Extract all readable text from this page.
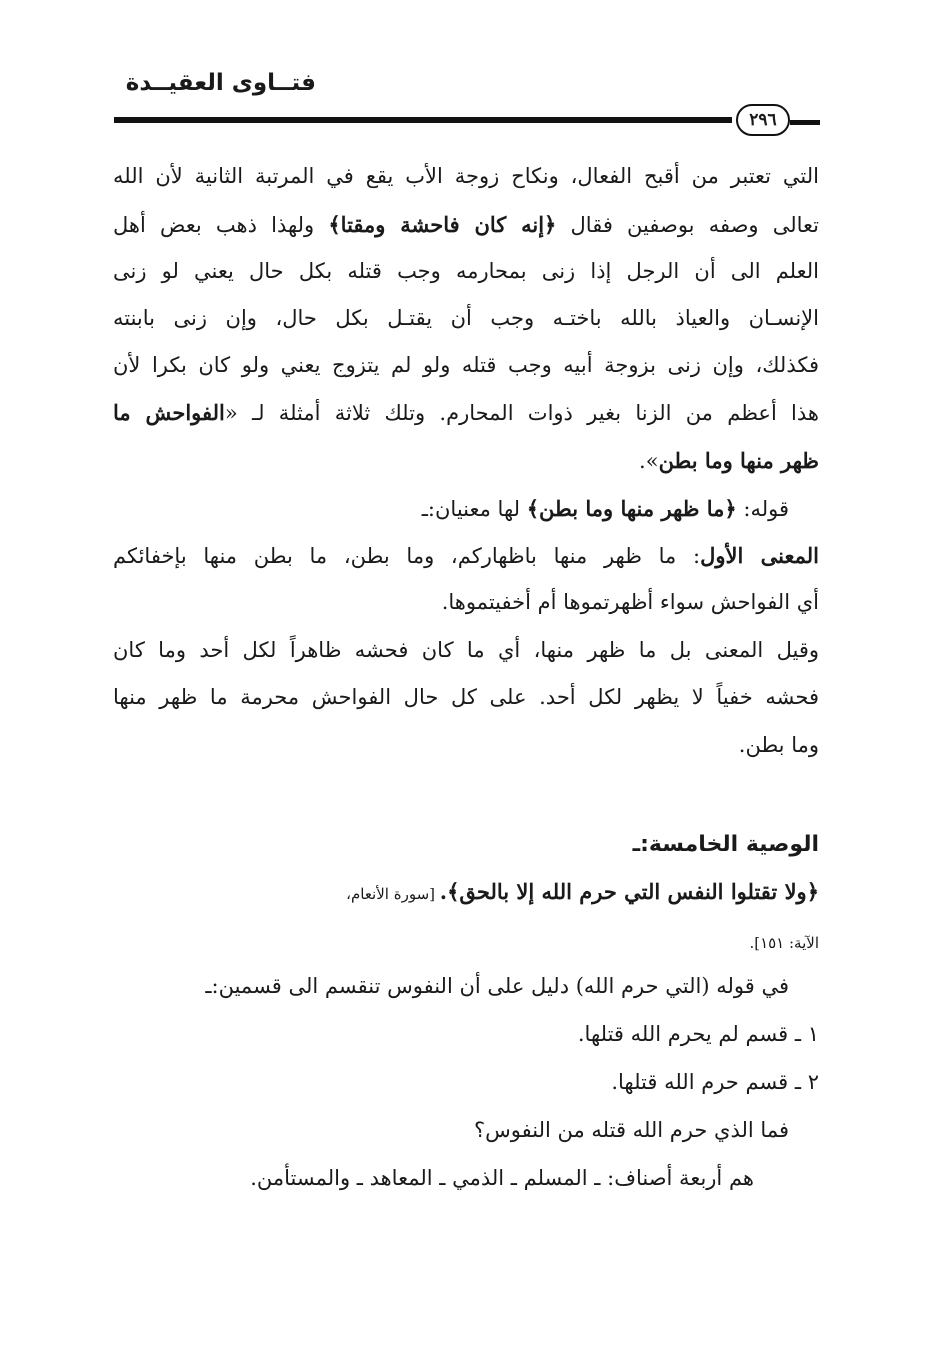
فتــاوى العقيــدة
٢٩٦
التي تعتبر من أقبح الفعال، ونكاح زوجة الأب يقع في المرتبة الثانية لأن الله
تعالى وصفه بوصفين فقال ﴿إنه كان فاحشة ومقتا﴾ ولهذا ذهب بعض أهل
العلم الى أن الرجل إذا زنى بمحارمه وجب قتله بكل حال يعني لو زنى
الإنسـان والعياذ بالله باختـه وجب أن يقتـل بكل حال، وإن زنى بابنته
فكذلك، وإن زنى بزوجة أبيه وجب قتله ولو لم يتزوج يعني ولو كان بكرا لأن
هذا أعظم من الزنا بغير ذوات المحارم. وتلك ثلاثة أمثلة لـ «الفواحش ما
ظهر منها وما بطن».
قوله: ﴿ما ظهر منها وما بطن﴾ لها معنيان:ـ
المعنى الأول: ما ظهر منها باظهاركم، وما بطن، ما بطن منها بإخفائكم
أي الفواحش سواء أظهرتموها أم أخفيتموها.
وقيل المعنى بل ما ظهر منها، أي ما كان فحشه ظاهراً لكل أحد وما كان
فحشه خفياً لا يظهر لكل أحد. على كل حال الفواحش محرمة ما ظهر منها
وما بطن.
الوصية الخامسة:ـ
﴿ولا تقتلوا النفس التي حرم الله إلا بالحق﴾. [سورة الأنعام،
الآية: ١٥١].
في قوله (التي حرم الله) دليل على أن النفوس تنقسم الى قسمين:ـ
١ ـ قسم لم يحرم الله قتلها.
٢ ـ قسم حرم الله قتلها.
فما الذي حرم الله قتله من النفوس؟
هم أربعة أصناف: ـ المسلم ـ الذمي ـ المعاهد ـ والمستأمن.
